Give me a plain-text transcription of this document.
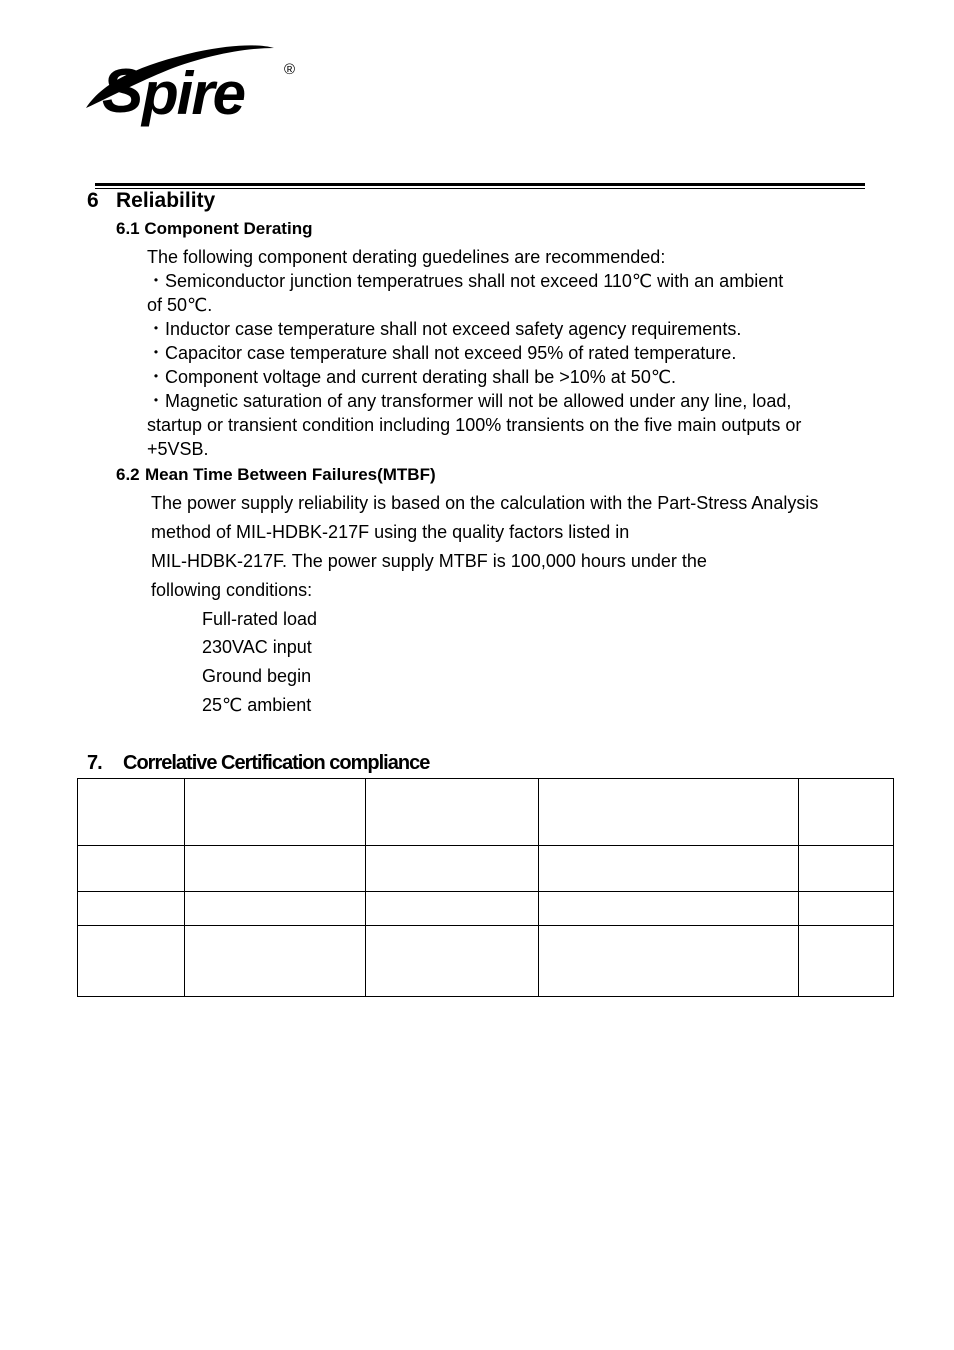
S pire	®
6 Reliability
6.1 Component Derating
The following component derating guedelines are recommended:
・Semiconductor junction temperatrues shall not exceed 110℃ with an ambient
of 50℃.
・Inductor case temperature shall not exceed safety agency requirements.
・Capacitor case temperature shall not exceed 95% of rated temperature.
・Component voltage and current derating shall be >10% at 50℃.
・Magnetic saturation of any transformer will not be allowed under any line, load,
startup or transient condition including 100% transients on the five main outputs or
+5VSB.
6.2 Mean Time Between Failures(MTBF)
The power supply reliability is based on the calculation with the Part-Stress Analysis
method of MIL-HDBK-217F using the quality factors listed in
MIL-HDBK-217F. The power supply MTBF is 100,000 hours under the
following conditions:
Full-rated load
230VAC input
Ground begin
25℃ ambient
7. Correlative Certification compliance
